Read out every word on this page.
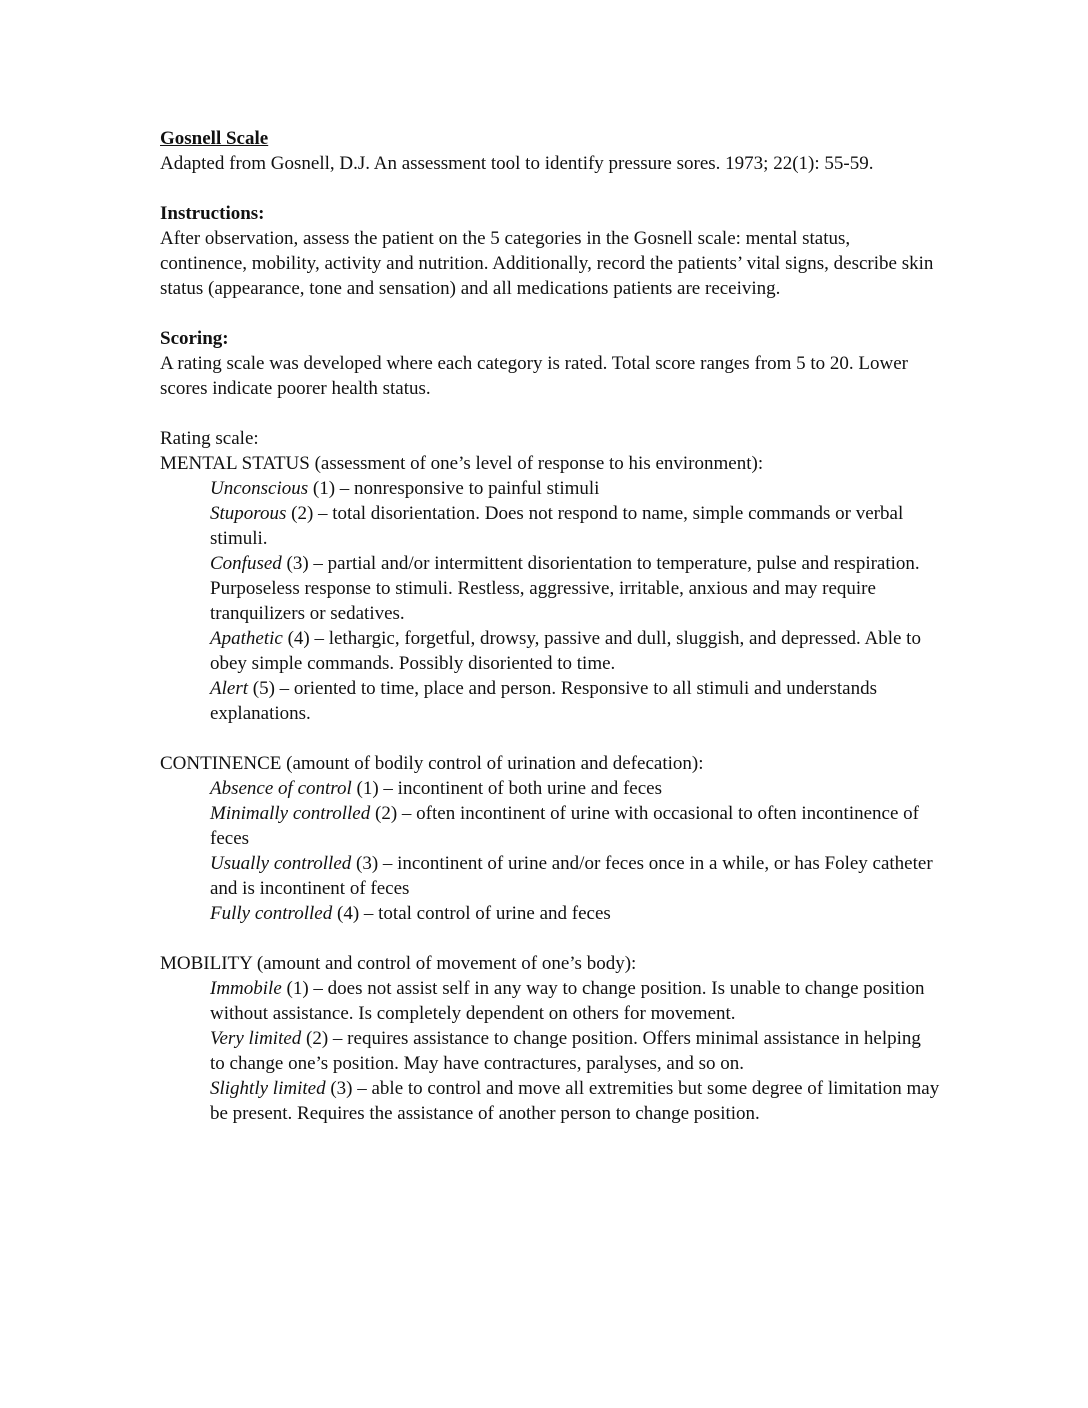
Gosnell Scale

Adapted from Gosnell, D.J. An assessment tool to identify pressure sores. 1973; 22(1): 55-59.

Instructions:

After observation, assess the patient on the 5 categories in the Gosnell scale: mental status, continence, mobility, activity and nutrition. Additionally, record the patients’ vital signs, describe skin status (appearance, tone and sensation) and all medications patients are receiving.

Scoring:

A rating scale was developed where each category is rated. Total score ranges from 5 to 20. Lower scores indicate poorer health status.

Rating scale:

MENTAL STATUS (assessment of one’s level of response to his environment):

Unconscious (1) – nonresponsive to painful stimuli

Stuporous (2) – total disorientation. Does not respond to name, simple commands or verbal stimuli.

Confused (3) – partial and/or intermittent disorientation to temperature, pulse and respiration. Purposeless response to stimuli. Restless, aggressive, irritable, anxious and may require tranquilizers or sedatives.

Apathetic (4) – lethargic, forgetful, drowsy, passive and dull, sluggish, and depressed. Able to obey simple commands. Possibly disoriented to time.

Alert (5) – oriented to time, place and person. Responsive to all stimuli and understands explanations.

CONTINENCE (amount of bodily control of urination and defecation):

Absence of control (1) – incontinent of both urine and feces

Minimally controlled (2) – often incontinent of urine with occasional to often incontinence of feces

Usually controlled (3) – incontinent of urine and/or feces once in a while, or has Foley catheter and is incontinent of feces

Fully controlled (4) – total control of urine and feces

MOBILITY (amount and control of movement of one’s body):

Immobile (1) – does not assist self in any way to change position. Is unable to change position without assistance. Is completely dependent on others for movement.

Very limited (2) – requires assistance to change position. Offers minimal assistance in helping to change one’s position. May have contractures, paralyses, and so on.

Slightly limited (3) – able to control and move all extremities but some degree of limitation may be present. Requires the assistance of another person to change position.
